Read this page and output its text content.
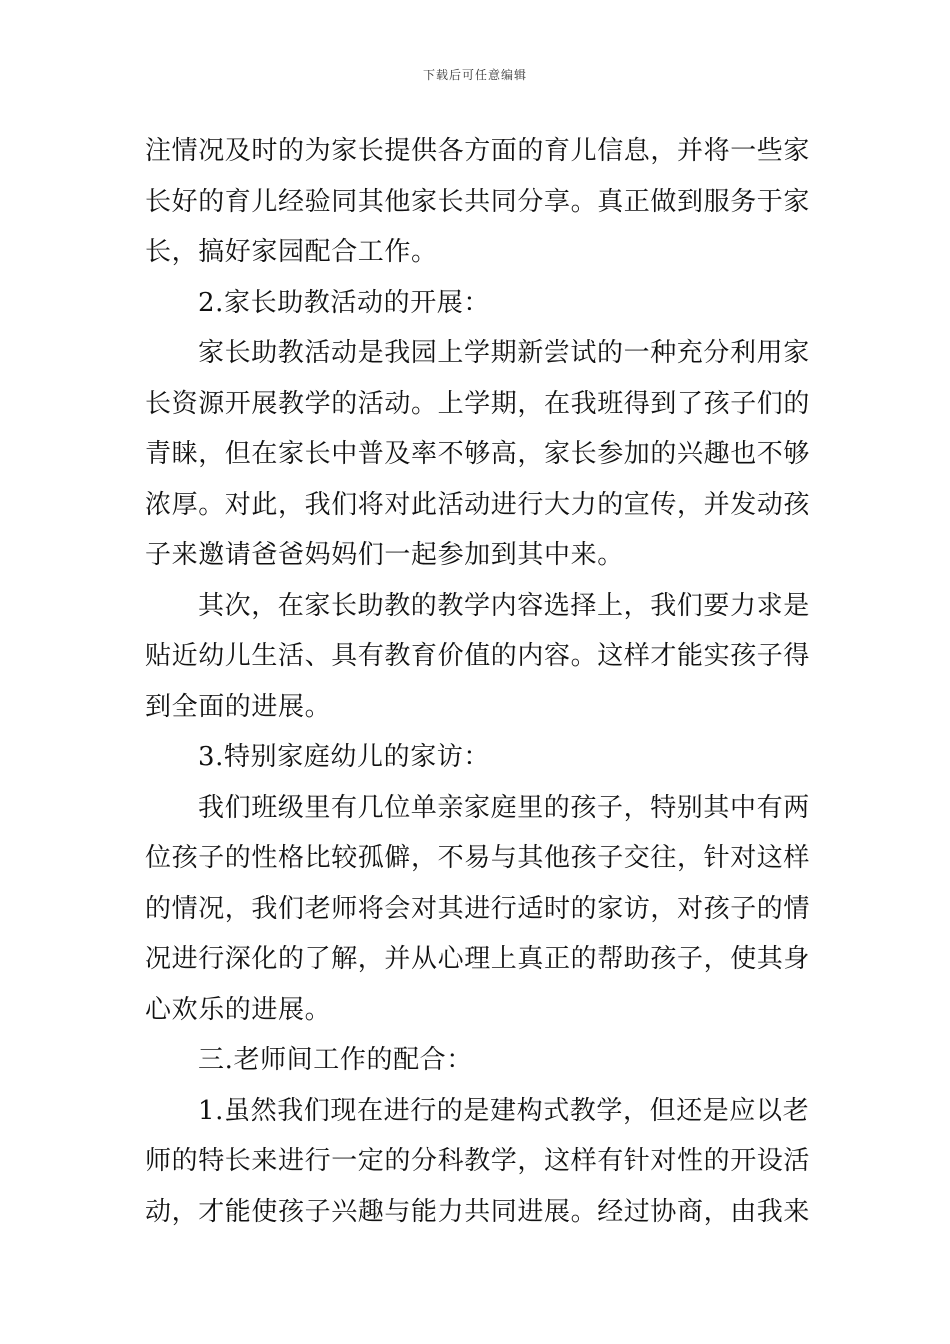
下载后可任意编辑
注情况及时的为家长提供各方面的育儿信息，并将一些家
长好的育儿经验同其他家长共同分享。真正做到服务于家
长，搞好家园配合工作。
2.家长助教活动的开展：
家长助教活动是我园上学期新尝试的一种充分利用家
长资源开展教学的活动。上学期，在我班得到了孩子们的
青睐，但在家长中普及率不够高，家长参加的兴趣也不够
浓厚。对此，我们将对此活动进行大力的宣传，并发动孩
子来邀请爸爸妈妈们一起参加到其中来。
其次，在家长助教的教学内容选择上，我们要力求是
贴近幼儿生活、具有教育价值的内容。这样才能实孩子得
到全面的进展。
3.特别家庭幼儿的家访：
我们班级里有几位单亲家庭里的孩子，特别其中有两
位孩子的性格比较孤僻，不易与其他孩子交往，针对这样
的情况，我们老师将会对其进行适时的家访，对孩子的情
况进行深化的了解，并从心理上真正的帮助孩子，使其身
心欢乐的进展。
三.老师间工作的配合：
1.虽然我们现在进行的是建构式教学，但还是应以老
师的特长来进行一定的分科教学，这样有针对性的开设活
动，才能使孩子兴趣与能力共同进展。经过协商，由我来
